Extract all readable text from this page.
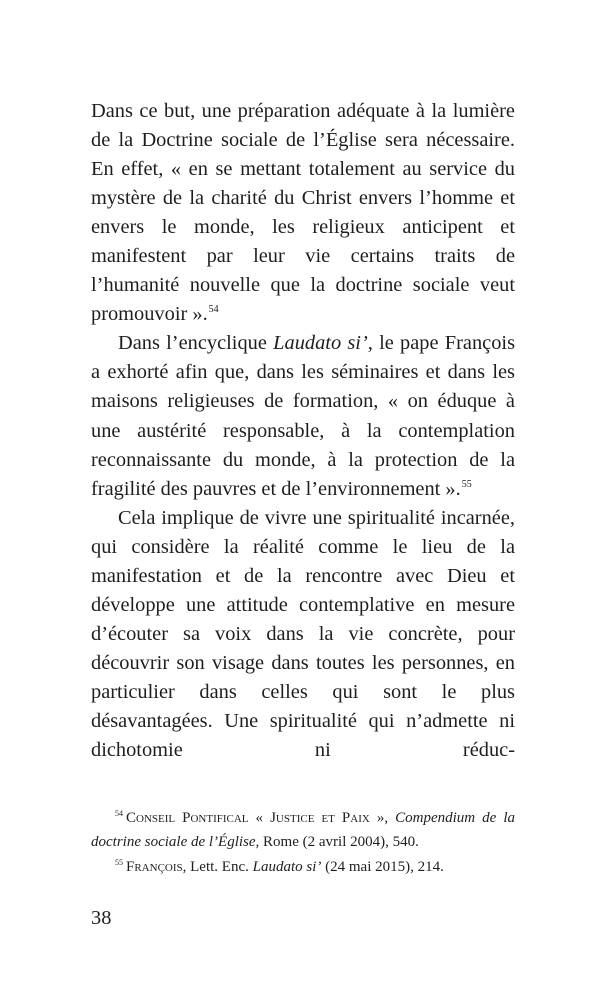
Dans ce but, une préparation adéquate à la lumière de la Doctrine sociale de l’Église sera nécessaire. En effet, « en se mettant totalement au service du mystère de la charité du Christ envers l’homme et envers le monde, les religieux anticipent et manifestent par leur vie certains traits de l’humanité nouvelle que la doctrine sociale veut promouvoir ».$^{54}$

Dans l’encyclique Laudato si’, le pape François a exhorté afin que, dans les séminaires et dans les maisons religieuses de formation, « on éduque à une austérité responsable, à la contemplation reconnaissante du monde, à la protection de la fragilité des pauvres et de l’environnement ».$^{55}$

Cela implique de vivre une spiritualité incarnée, qui considère la réalité comme le lieu de la manifestation et de la rencontre avec Dieu et développe une attitude contemplative en mesure d’écouter sa voix dans la vie concrète, pour découvrir son visage dans toutes les personnes, en particulier dans celles qui sont le plus désavantagées. Une spiritualité qui n’admette ni dichotomie ni réduc-

$^{54}$ Conseil Pontifical « Justice et Paix », Compendium de la doctrine sociale de l’Église, Rome (2 avril 2004), 540.

$^{55}$ François, Lett. Enc. Laudato si’ (24 mai 2015), 214.

38
